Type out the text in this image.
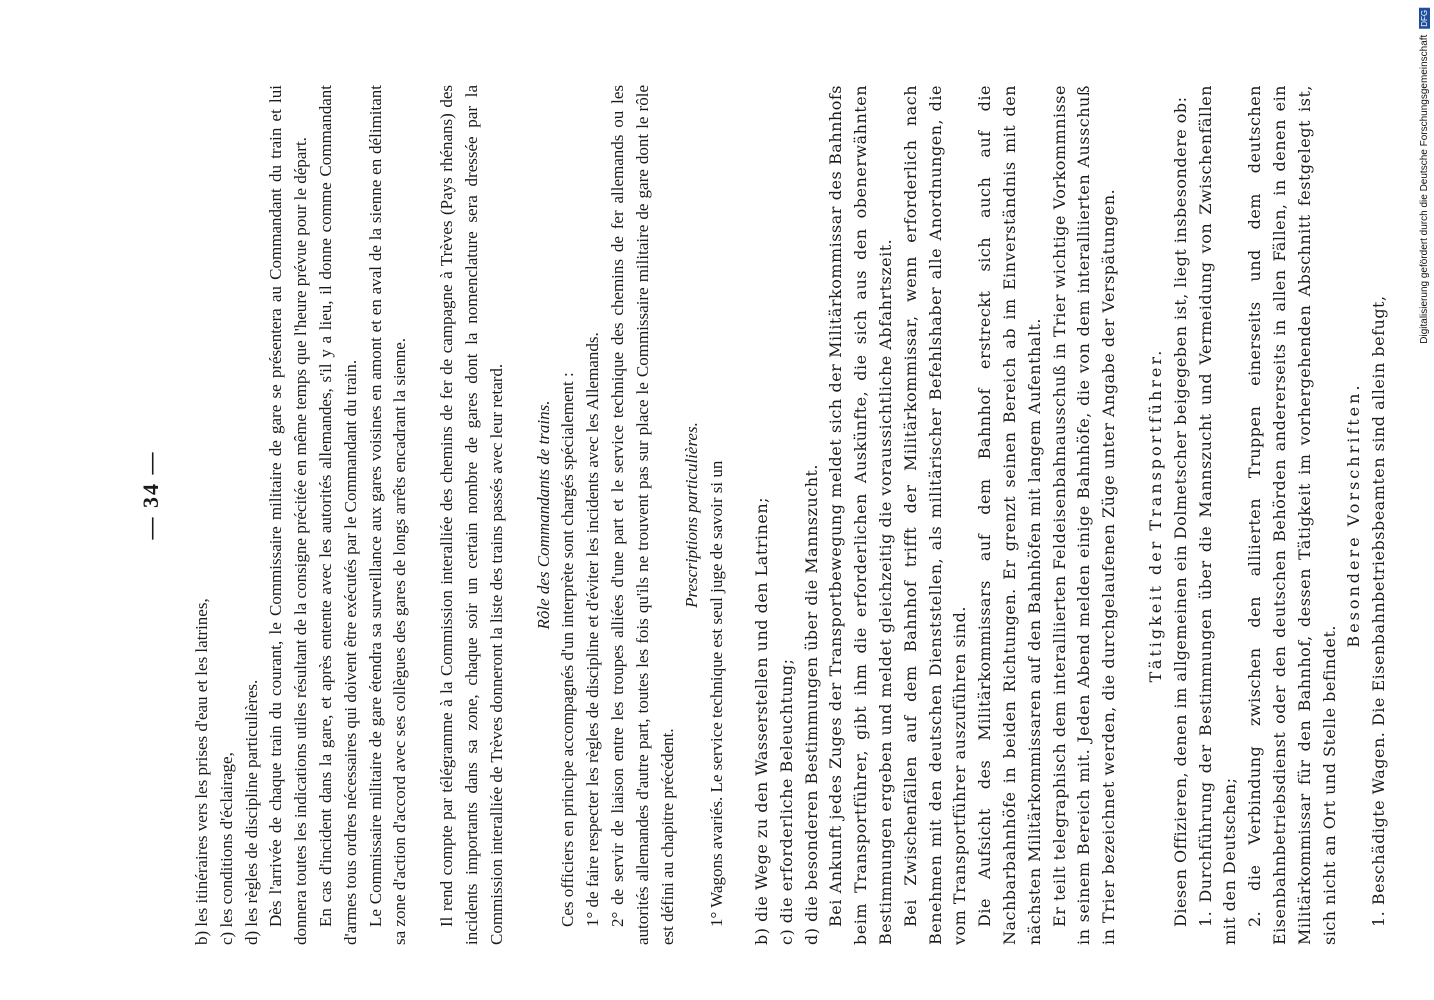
— 34 —
b) les itinéraires vers les prises d'eau et les latrines, c) les conditions d'éclairage, d) les règles de discipline particulières. Dès l'arrivée de chaque train du courant, le Commissaire militaire de gare se présentera au Commandant du train et lui donnera toutes les indications utiles résultant de la consigne précitée en même temps que l'heure prévue pour le départ. En cas d'incident dans la gare, et après entente avec les autorités allemandes, s'il y a lieu, il donne comme Commandant d'armes tous ordres nécessaires qui doivent être exécutés par le Commandant du train. Le Commissaire militaire de gare étendra sa surveillance aux gares voisines en amont et en aval de la sienne en délimitant sa zone d'action d'accord avec ses collègues des gares de longs arrêts encadrant la sienne. Il rend compte par télégramme à la Commission interalliée des chemins de fer de campagne à Trèves (Pays rhénans) des incidents importants dans sa zone, chaque soir un certain nombre de gares dont la nomenclature sera dressée par la Commission interalliée de Trèves donneront la liste des trains passés avec leur retard. Rôle des Commandants de trains. Ces officiers en principe accompagnés d'un interprète sont chargés spécialement : 1° de faire respecter les règles de discipline et d'éviter les incidents avec les Allemands. 2° de servir de liaison entre les troupes alliées d'une part et le service technique des chemins de fer allemands ou les autorités allemandes d'autre part, toutes les fois qu'ils ne trouvent pas sur place le Commissaire militaire de gare dont le rôle est défini au chapitre précédent.

Prescriptions particulières. 1° Wagons avariés. Le service technique est seul juge de savoir si un b) die Wege zu den Wasserstellen und den Latrinen; c) die erforderliche Beleuchtung; d) die besonderen Bestimmungen über die Mannszucht. Bei Ankunft jedes Zuges der Transportbewegung meldet sich der Militärkommissar des Bahnhofs beim Transportführer, gibt ihm die erforderlichen Auskünfte, die sich aus den obenerwähnten Bestimmungen ergeben und meldet gleichzeitig die voraussichtliche Abfahrtszeit. Bei Zwischenfällen auf dem Bahnhof trifft der Militärkommissar, wenn erforderlich nach Benehmen mit den deutschen Dienststellen, als militärischer Befehlshaber alle Anordnungen, die vom Transportführer auszuführen sind. Die Aufsicht des Militärkommissars auf dem Bahnhof erstreckt sich auch auf die Nachbarbahnhöfe in beiden Richtungen. Er grenzt seinen Bereich ab im Einverständnis mit den nächsten Militärkommissaren auf den Bahnhöfen mit langem Aufenthalt. Er teilt telegraphisch dem interalliierten Feldeisenbahnausschuß in Trier wichtige Vorkommnisse in seinem Bereich mit. Jeden Abend melden einige Bahnhöfe, die von dem interalliierten Ausschuß in Trier bezeichnet werden, die durchgelaufenen Züge unter Angabe der Verspätungen. Tätigkeit der Transportführer. Diesen Offizieren, denen im allgemeinen ein Dolmetscher beigegeben ist, liegt insbesondere ob: 1. Durchführung der Bestimmungen über die Mannszucht und Vermeidung von Zwischenfällen mit den Deutschen; 2. die Verbindung zwischen den alliierten Truppen einerseits und dem deutschen Eisenbahnbetriebsdienst oder den deutschen Behörden andererseits in allen Fällen, in denen ein Militärkommissar für den Bahnhof, dessen Tätigkeit im vorhergehenden Abschnitt festgelegt ist, sich nicht an Ort und Stelle befindet.

Besondere Vorschriften. 1. Beschädigte Wagen. Die Eisenbahnbetriebsbeamten sind allein befugt,

Digitalisierung gefördert durch die Deutsche Forschungsgemeinschaft DFG
